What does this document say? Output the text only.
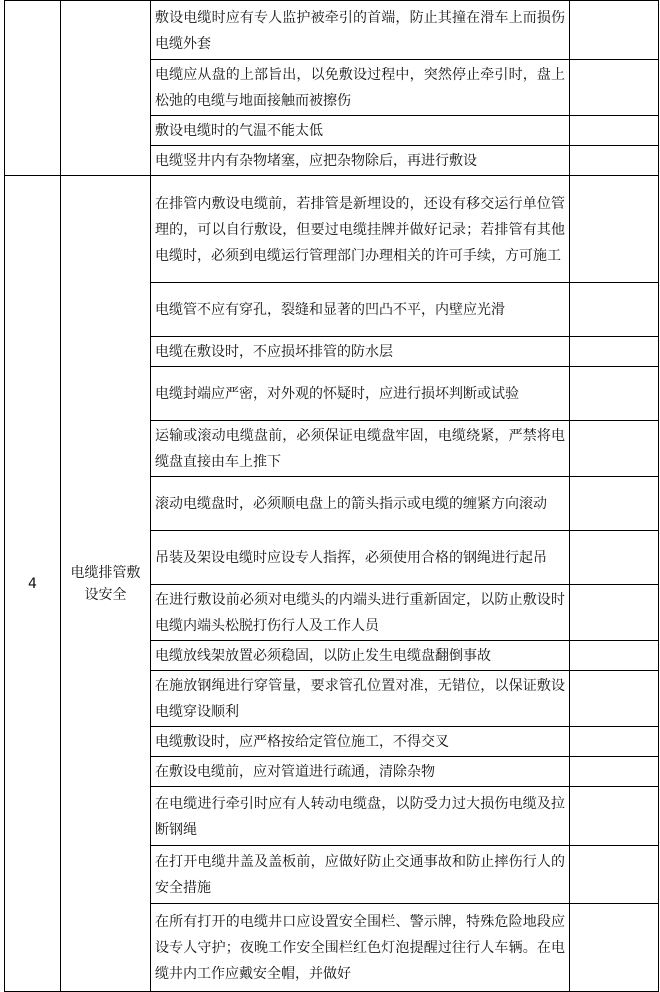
		敷设电缆时应有专人监护被牵引的首端，防止其撞在滑车上而损伤电缆外套	

		电缆应从盘的上部旨出，以免敷设过程中，突然停止牵引时，盘上松弛的电缆与地面接触而被擦伤	

		敷设电缆时的气温不能太低	

		电缆竖井内有杂物堵塞，应把杂物除后，再进行敷设	

4	电缆排管敷设安全	在排管内敷设电缆前，若排管是新埋设的，还设有移交运行单位管理的，可以自行敷设，但要过电缆挂牌并做好记录；若排管有其他电缆时，必须到电缆运行管理部门办理相关的许可手续，方可施工	

		电缆管不应有穿孔，裂缝和显著的凹凸不平，内壁应光滑	

		电缆在敷设时，不应损坏排管的防水层	

		电缆封端应严密，对外观的怀疑时，应进行损坏判断或试验	

		运输或滚动电缆盘前，必须保证电缆盘牢固，电缆绕紧，严禁将电缆盘直接由车上推下	

		滚动电缆盘时，必须顺电盘上的箭头指示或电缆的缠紧方向滚动	

		吊装及架设电缆时应设专人指挥，必须使用合格的钢绳进行起吊	

		在进行敷设前必须对电缆头的内端头进行重新固定，以防止敷设时电缆内端头松脱打伤行人及工作人员	

		电缆放线架放置必须稳固，以防止发生电缆盘翻倒事故	

		在施放钢绳进行穿管量，要求管孔位置对准，无错位，以保证敷设电缆穿设顺利	

		电缆敷设时，应严格按给定管位施工，不得交叉	

		在敷设电缆前，应对管道进行疏通，清除杂物	

		在电缆进行牵引时应有人转动电缆盘，以防受力过大损伤电缆及拉断钢绳	

		在打开电缆井盖及盖板前，应做好防止交通事故和防止摔伤行人的安全措施	

		在所有打开的电缆井口应设置安全围栏、警示牌，特殊危险地段应设专人守护；夜晚工作安全围栏红色灯泡提醒过往行人车辆。在电缆井内工作应戴安全帽，并做好	
